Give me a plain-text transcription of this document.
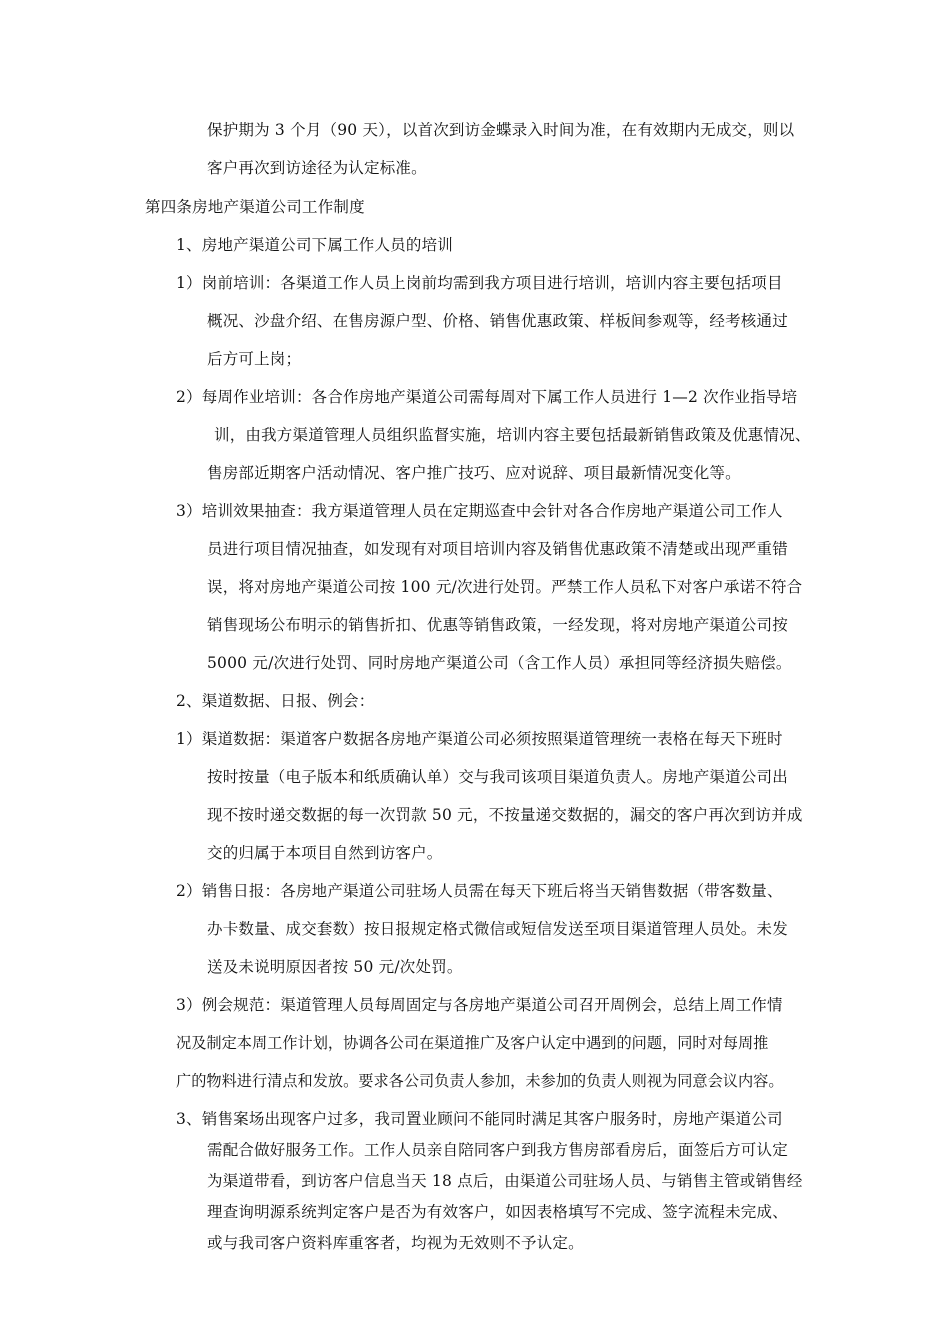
保护期为 3 个月（90 天），以首次到访金蝶录入时间为准，在有效期内无成交，则以
客户再次到访途径为认定标准。
第四条房地产渠道公司工作制度
1、房地产渠道公司下属工作人员的培训
1）岗前培训：各渠道工作人员上岗前均需到我方项目进行培训，培训内容主要包括项目
概况、沙盘介绍、在售房源户型、价格、销售优惠政策、样板间参观等，经考核通过
后方可上岗；
2）每周作业培训：各合作房地产渠道公司需每周对下属工作人员进行 1—2 次作业指导培
训，由我方渠道管理人员组织监督实施，培训内容主要包括最新销售政策及优惠情况、
售房部近期客户活动情况、客户推广技巧、应对说辞、项目最新情况变化等。
3）培训效果抽查：我方渠道管理人员在定期巡查中会针对各合作房地产渠道公司工作人
员进行项目情况抽查，如发现有对项目培训内容及销售优惠政策不清楚或出现严重错
误，将对房地产渠道公司按 100 元/次进行处罚。严禁工作人员私下对客户承诺不符合
销售现场公布明示的销售折扣、优惠等销售政策，一经发现，将对房地产渠道公司按
5000 元/次进行处罚、同时房地产渠道公司（含工作人员）承担同等经济损失赔偿。
2、渠道数据、日报、例会：
1）渠道数据：渠道客户数据各房地产渠道公司必须按照渠道管理统一表格在每天下班时
按时按量（电子版本和纸质确认单）交与我司该项目渠道负责人。房地产渠道公司出
现不按时递交数据的每一次罚款 50 元，不按量递交数据的，漏交的客户再次到访并成
交的归属于本项目自然到访客户。
2）销售日报：各房地产渠道公司驻场人员需在每天下班后将当天销售数据（带客数量、
办卡数量、成交套数）按日报规定格式微信或短信发送至项目渠道管理人员处。未发
送及未说明原因者按 50 元/次处罚。
3）例会规范：渠道管理人员每周固定与各房地产渠道公司召开周例会，总结上周工作情
况及制定本周工作计划，协调各公司在渠道推广及客户认定中遇到的问题，同时对每周推
广的物料进行清点和发放。要求各公司负责人参加，未参加的负责人则视为同意会议内容。
3、销售案场出现客户过多，我司置业顾问不能同时满足其客户服务时，房地产渠道公司
需配合做好服务工作。工作人员亲自陪同客户到我方售房部看房后，面签后方可认定
为渠道带看，到访客户信息当天 18 点后，由渠道公司驻场人员、与销售主管或销售经
理查询明源系统判定客户是否为有效客户，如因表格填写不完成、签字流程未完成、
或与我司客户资料库重客者，均视为无效则不予认定。
